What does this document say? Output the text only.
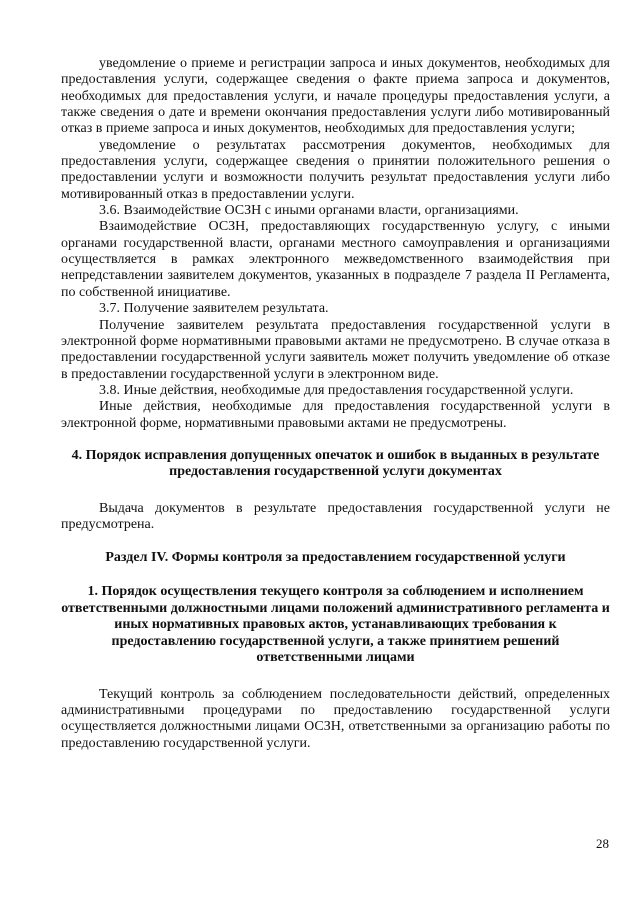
уведомление о приеме и регистрации запроса и иных документов, необходимых для предоставления услуги, содержащее сведения о факте приема запроса и документов, необходимых для предоставления услуги, и начале процедуры предоставления услуги, а также сведения о дате и времени окончания предоставления услуги либо мотивированный отказ в приеме запроса и иных документов, необходимых для предоставления услуги;

уведомление о результатах рассмотрения документов, необходимых для предоставления услуги, содержащее сведения о принятии положительного решения о предоставлении услуги и возможности получить результат предоставления услуги либо мотивированный отказ в предоставлении услуги.

3.6. Взаимодействие ОСЗН с иными органами власти, организациями.

Взаимодействие ОСЗН, предоставляющих государственную услугу, с иными органами государственной власти, органами местного самоуправления и организациями осуществляется в рамках электронного межведомственного взаимодействия при непредставлении заявителем документов, указанных в подразделе 7 раздела II Регламента, по собственной инициативе.

3.7. Получение заявителем результата.

Получение заявителем результата предоставления государственной услуги в электронной форме нормативными правовыми актами не предусмотрено. В случае отказа в предоставлении государственной услуги заявитель может получить уведомление об отказе в предоставлении государственной услуги в электронном виде.

3.8. Иные действия, необходимые для предоставления государственной услуги.

Иные действия, необходимые для предоставления государственной услуги в электронной форме, нормативными правовыми актами не предусмотрены.

4. Порядок исправления допущенных опечаток и ошибок в выданных в результате предоставления государственной услуги документах

Выдача документов в результате предоставления государственной услуги не предусмотрена.

Раздел IV. Формы контроля за предоставлением государственной услуги

1. Порядок осуществления текущего контроля за соблюдением и исполнением ответственными должностными лицами положений административного регламента и иных нормативных правовых актов, устанавливающих требования к предоставлению государственной услуги, а также принятием решений ответственными лицами

Текущий контроль за соблюдением последовательности действий, определенных административными процедурами по предоставлению государственной услуги осуществляется должностными лицами ОСЗН, ответственными за организацию работы по предоставлению государственной услуги.

28
